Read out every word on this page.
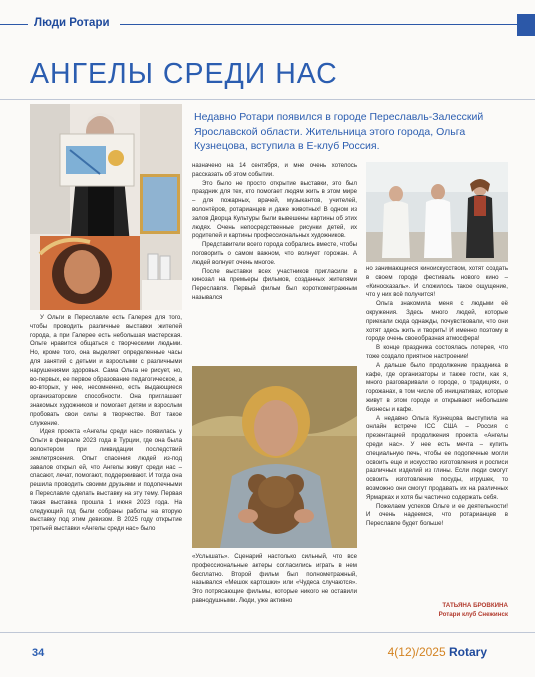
Люди Ротари
АНГЕЛЫ СРЕДИ НАС
Недавно Ротари появился в городе Переславль-Залесский Ярославской области. Жительница этого города, Ольга Кузнецова, вступила в Е-клуб Россия.

У Ольги в Переславле есть Галерея для того, чтобы проводить различные выставки жителей города, а при Галерее есть небольшая мастерская. Ольге нравится общаться с творческими людьми. Но, кроме того, она выделяет определенные часы для занятий с детьми и взрослыми с различными нарушениями здоровья. Сама Ольга не рисует, но, во-первых, ее первое образование педагогическое, а во-вторых, у нее, несомненно, есть выдающиеся организаторские способности. Она приглашает знакомых художников и помогает детям и взрослым пробовать свои силы в творчестве. Вот такое служение.

Идея проекта «Ангелы среди нас» появилась у Ольги в феврале 2023 года в Турции, где она была волонтером при ликвидации последствий землетрясения. Опыт спасения людей из-под завалов открыл ей, что Ангелы живут среди нас – спасают, лечат, помогают, поддерживают. И тогда она решила проводить своими друзьями и подопечными в Переславле сделать выставку на эту тему. Первая такая выставка прошла 1 июня 2023 года. На следующий год были собраны работы на вторую выставку под этим девизом. В 2025 году открытие третьей выставки «Ангелы среди нас» было

назначено на 14 сентября, и мне очень хотелось рассказать об этом событии.

Это было не просто открытие выставки, это был праздник для тех, кто помогает людям жить в этом мире – для пожарных, врачей, музыкантов, учителей, волонтёров, ротарианцев и даже животных! В одном из залов Дворца Культуры были вывешены картины об этих людях. Очень непосредственные рисунки детей, их родителей и картины профессиональных художников.

Представители всего города собрались вместе, чтобы поговорить о самом важном, что волнует горожан. А людей волнует очень многое.

После выставки всех участников пригласили в кинозал на премьеры фильмов, созданных жителями Переславля. Первый фильм был короткометражным назывался

«Услышать». Сценарий настолько сильный, что все профессиональные актеры согласились играть в нем бесплатно. Второй фильм был полнометражный, назывался «Мешок картошки» или «Чудеса случаются». Это потрясающие фильмы, которые никого не оставили равнодушными. Люди, уже активно

но занимающиеся киноискусством, хотят создать в своем городе фестиваль нового кино – «Киносказаль». И сложилось такое ощущение, что у них всё получится!

Ольга знакомила меня с людьми её окружения. Здесь много людей, которые приехали сюда однажды, почувствовали, что они хотят здесь жить и творить! И именно поэтому в городе очень своеобразная атмосфера!

В конце праздника состоялась лотерея, что тоже создало приятное настроение!

А дальше было продолжение праздника в кафе, где организаторы и также гости, как я, много разговаривали о городе, о традициях, о горожанах, в том числе об инициативах, которые живут в этом городе и открывают небольшие бизнесы и кафе.

А недавно Ольга Кузнецова выступила на онлайн встрече ICC США – Россия с презентацией продолжения проекта «Ангелы среди нас». У нее есть мечта – купить специальную печь, чтобы ее подопечные могли освоить еще и искусство изготовления и росписи различных изделий из глины. Если люди смогут освоить изготовление посуды, игрушек, то возможно они смогут продавать их на различных Ярмарках и хотя бы частично содержать себя.

Пожелаем успехов Ольге и ее деятельности! И очень надеемся, что ротарианцев в Переславле будет больше!

ТАТЬЯНА БРОВКИНА
Ротари клуб Снежинск
34	4(12)/2025 Rotary
